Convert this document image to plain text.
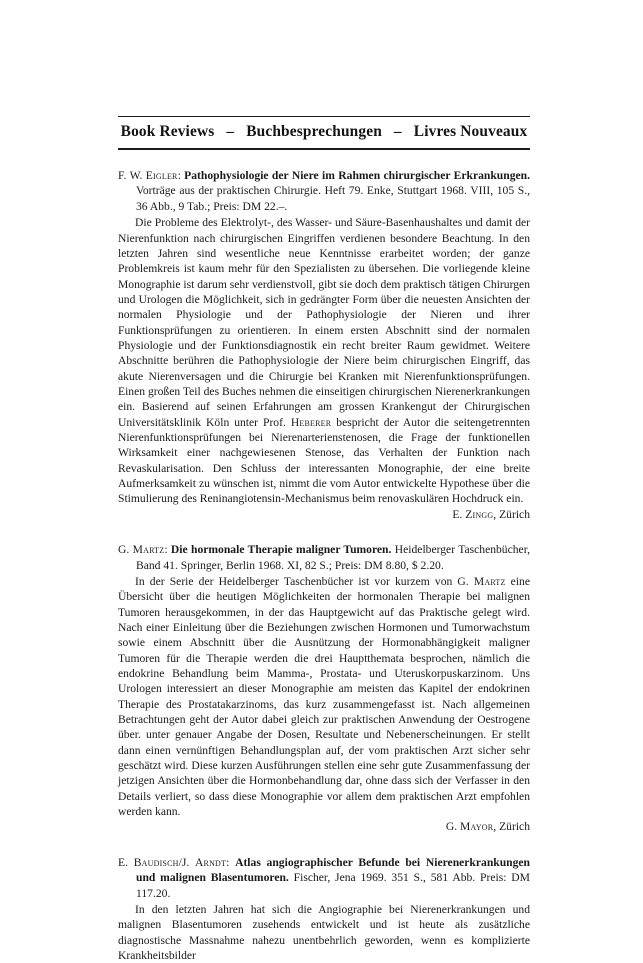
Book Reviews – Buchbesprechungen – Livres Nouveaux

F. W. Eigler: Pathophysiologie der Niere im Rahmen chirurgischer Erkrankungen. Vorträge aus der praktischen Chirurgie. Heft 79. Enke, Stuttgart 1968. VIII, 105 S., 36 Abb., 9 Tab.; Preis: DM 22.–.

Die Probleme des Elektrolyt-, des Wasser- und Säure-Basenhaushaltes und damit der Nierenfunktion nach chirurgischen Eingriffen verdienen besondere Beachtung. In den letzten Jahren sind wesentliche neue Kenntnisse erarbeitet worden; der ganze Problemkreis ist kaum mehr für den Spezialisten zu übersehen. Die vorliegende kleine Monographie ist darum sehr verdienstvoll, gibt sie doch dem praktisch tätigen Chirurgen und Urologen die Möglichkeit, sich in gedrängter Form über die neuesten Ansichten der normalen Physiologie und der Pathophysiologie der Nieren und ihrer Funktionsprüfungen zu orientieren. In einem ersten Abschnitt sind der normalen Physiologie und der Funktionsdiagnostik ein recht breiter Raum gewidmet. Weitere Abschnitte berühren die Pathophysiologie der Niere beim chirurgischen Eingriff, das akute Nierenversagen und die Chirurgie bei Kranken mit Nierenfunktionsprüfungen. Einen großen Teil des Buches nehmen die einseitigen chirurgischen Nierenerkrankungen ein. Basierend auf seinen Erfahrungen am grossen Krankengut der Chirurgischen Universitätsklinik Köln unter Prof. Heberer bespricht der Autor die seitengetrennten Nierenfunktionsprüfungen bei Nierenarterienstenosen, die Frage der funktionellen Wirksamkeit einer nachgewiesenen Stenose, das Verhalten der Funktion nach Revaskularisation. Den Schluss der interessanten Monographie, der eine breite Aufmerksamkeit zu wünschen ist, nimmt die vom Autor entwickelte Hypothese über die Stimulierung des Reninangiotensin-Mechanismus beim renovaskulären Hochdruck ein.

E. Zingg, Zürich

G. Martz: Die hormonale Therapie maligner Tumoren. Heidelberger Taschenbücher, Band 41. Springer, Berlin 1968. XI, 82 S.; Preis: DM 8.80, $ 2.20.

In der Serie der Heidelberger Taschenbücher ist vor kurzem von G. Martz eine Übersicht über die heutigen Möglichkeiten der hormonalen Therapie bei malignen Tumoren herausgekommen, in der das Hauptgewicht auf das Praktische gelegt wird. Nach einer Einleitung über die Beziehungen zwischen Hormonen und Tumorwachstum sowie einem Abschnitt über die Ausnützung der Hormonabhängigkeit maligner Tumoren für die Therapie werden die drei Hauptthemata besprochen, nämlich die endokrine Behandlung beim Mamma-, Prostata- und Uteruskorpuskarzinom. Uns Urologen interessiert an dieser Monographie am meisten das Kapitel der endokrinen Therapie des Prostatakarzinoms, das kurz zusammengefasst ist. Nach allgemeinen Betrachtungen geht der Autor dabei gleich zur praktischen Anwendung der Oestrogene über. unter genauer Angabe der Dosen, Resultate und Nebenerscheinungen. Er stellt dann einen vernünftigen Behandlungsplan auf, der vom praktischen Arzt sicher sehr geschätzt wird. Diese kurzen Ausführungen stellen eine sehr gute Zusammenfassung der jetzigen Ansichten über die Hormonbehandlung dar, ohne dass sich der Verfasser in den Details verliert, so dass diese Monographie vor allem dem praktischen Arzt empfohlen werden kann.

G. Mayor, Zürich

E. Baudisch/J. Arndt: Atlas angiographischer Befunde bei Nierenerkrankungen und malignen Blasentumoren. Fischer, Jena 1969. 351 S., 581 Abb. Preis: DM 117.20.

In den letzten Jahren hat sich die Angiographie bei Nierenerkrankungen und malignen Blasentumoren zusehends entwickelt und ist heute als zusätzliche diagnostische Massnahme nahezu unentbehrlich geworden, wenn es komplizierte Krankheitsbilder
